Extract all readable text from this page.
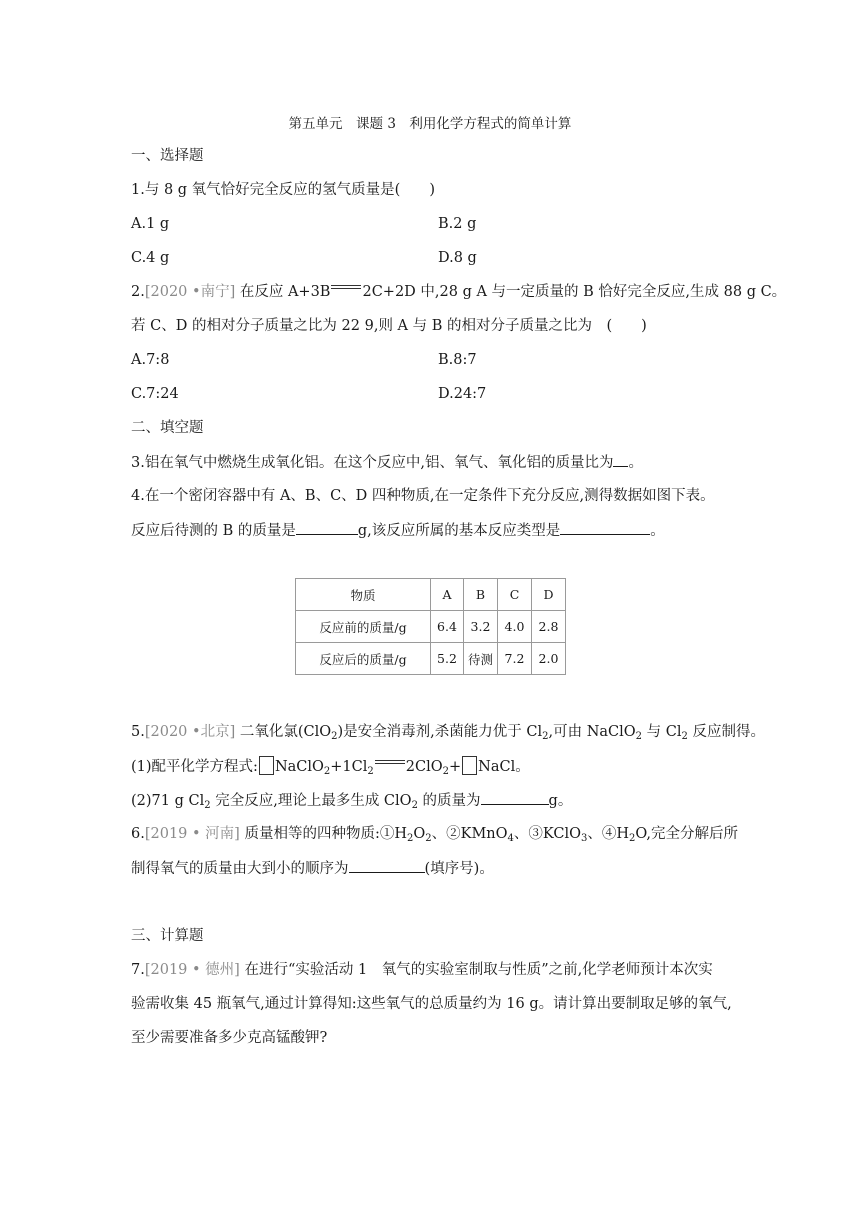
第五单元　课题 3　利用化学方程式的简单计算
一、选择题
1.与 8 g 氧气恰好完全反应的氢气质量是(　　)
A.1 g	B.2 g
C.4 g	D.8 g
2.[2020 •南宁] 在反应 A+3B 2C+2D 中,28 g A 与一定质量的 B 恰好完全反应,生成 88 g C。
若 C、D 的相对分子质量之比为 22 9,则 A 与 B 的相对分子质量之比为　(　　)
A.7:8	B.8:7
C.7:24	D.24:7
二、填空题
3.铝在氧气中燃烧生成氧化铝。在这个反应中,铝、氧气、氧化铝的质量比为 。
4.在一个密闭容器中有 A、B、C、D 四种物质,在一定条件下充分反应,测得数据如图下表。
反应后待测的 B 的质量是	g,该反应所属的基本反应类型是	。
物质	A	B	C	D
反应前的质量/g	6.4	3.2	4.0	2.8
反应后的质量/g	5.2	待测	7.2	2.0
5.[2020 •北京] 二氧化氯(ClO$_2$)是安全消毒剂,杀菌能力优于 $Cl_2$,可由 NaClO$_2$ 与 $Cl_2$ 反应制得。
(1)配平化学方程式: $NaClO_2+1Cl_2$ 2ClO$_2$+ NaCl。
(2)71 g $Cl_2$ 完全反应,理论上最多生成 ClO$_2$ 的质量为	g。
6.[2019 • 河南] 质量相等的四种物质$:①H_2O_2$、②KMnO$_4$、③KClO$_3$、$④H_2O$,完全分解后所
制得氧气的质量由大到小的顺序为	(填序号)。
三、计算题
7.[2019 • 德州] 在进行“实验活动 1　氧气的实验室制取与性质”之前,化学老师预计本次实
验需收集 45 瓶氧气,通过计算得知:这些氧气的总质量约为 16 g。请计算出要制取足够的氧气,
至少需要准备多少克高锰酸钾?
